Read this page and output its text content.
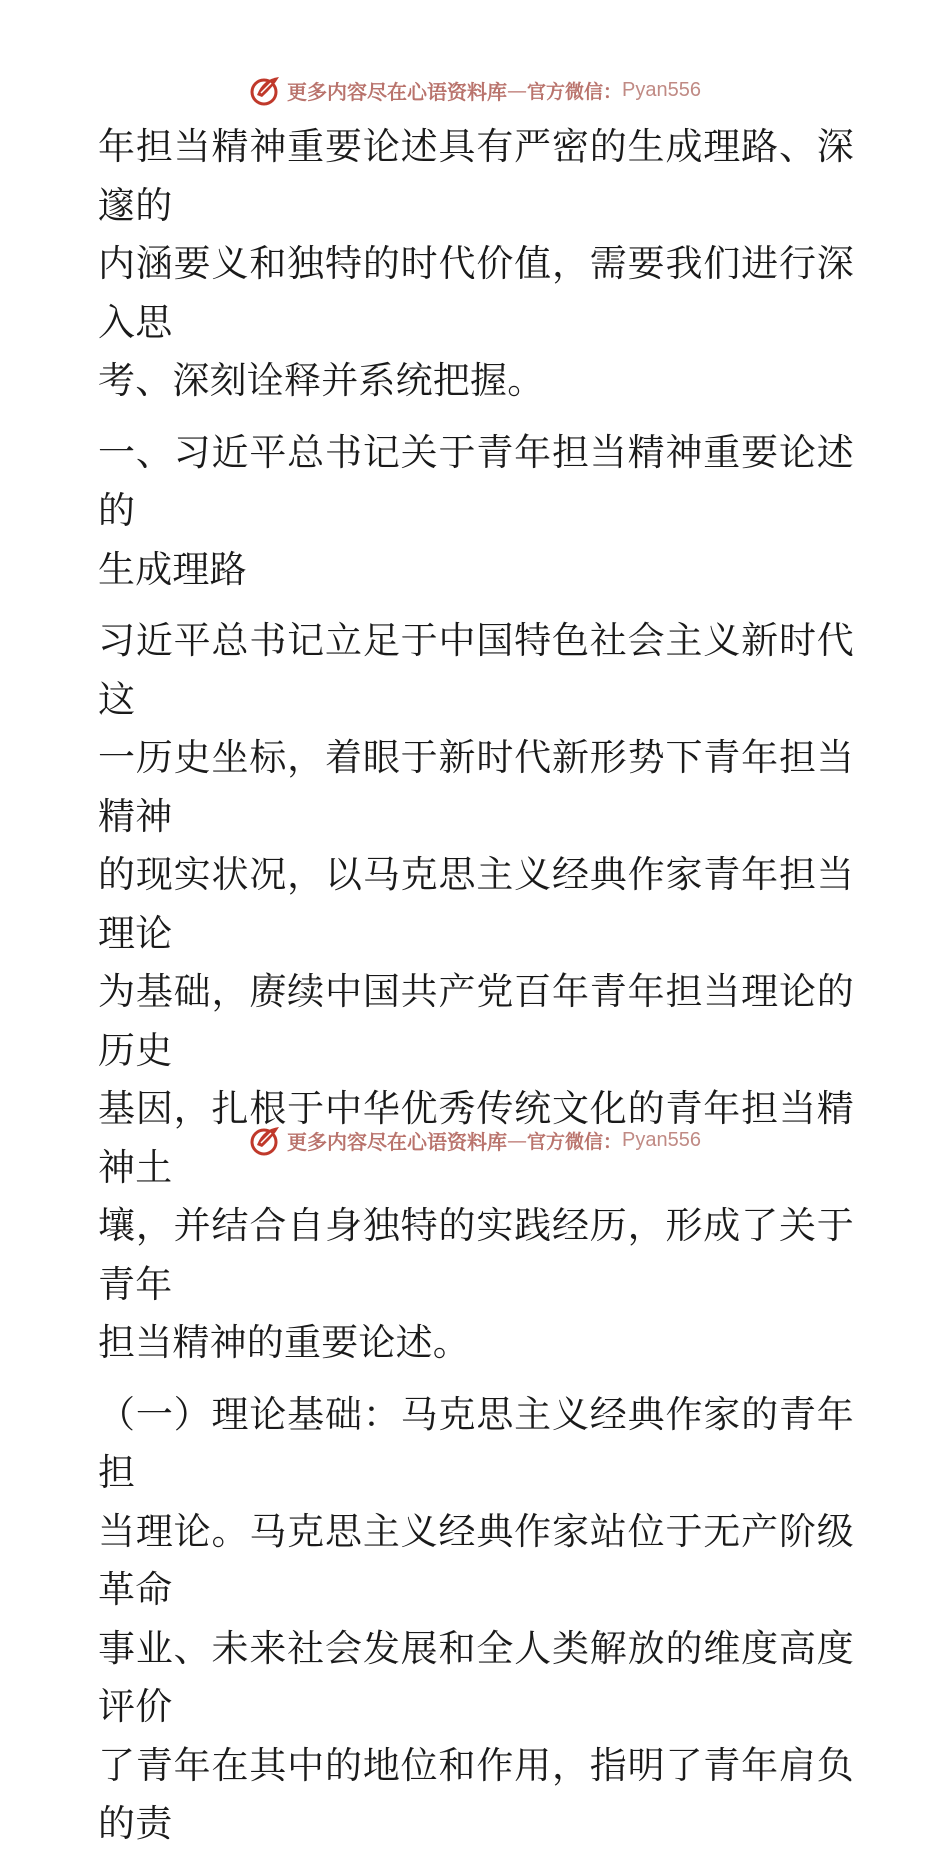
更多内容尽在心语资料库 — 官方微信： Pyan556

年担当精神重要论述具有严密的生成理路、深邃的
内涵要义和独特的时代价值，需要我们进行深入思
考、深刻诠释并系统把握。

一、习近平总书记关于青年担当精神重要论述的
生成理路

习近平总书记立足于中国特色社会主义新时代这
一历史坐标，着眼于新时代新形势下青年担当精神
的现实状况，以马克思主义经典作家青年担当理论
为基础，赓续中国共产党百年青年担当理论的历史
基因，扎根于中华优秀传统文化的青年担当精神土
壤，并结合自身独特的实践经历，形成了关于青年
担当精神的重要论述。

（一）理论基础：马克思主义经典作家的青年担
当理论。马克思主义经典作家站位于无产阶级革命
事业、未来社会发展和全人类解放的维度高度评价
了青年在其中的地位和作用，指明了青年肩负的责

更多内容尽在心语资料库 — 官方微信： Pyan556
